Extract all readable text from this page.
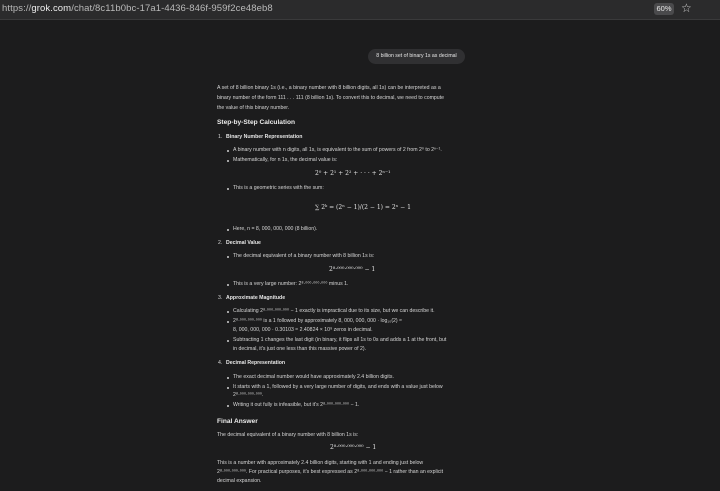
https://grok.com/chat/8c11b0bc-17a1-4436-846f-959f2ce48eb8	60% ☆
8 billion set of binary 1s as decimal
A set of 8 billion binary 1s (i.e., a binary number with 8 billion digits, all 1s) can be interpreted as a
binary number of the form 111 . . . 111 (8 billion 1s). To convert this to decimal, we need to compute
the value of this binary number.
Step-by-Step Calculation
1. Binary Number Representation
A binary number with n digits, all 1s, is equivalent to the sum of powers of 2 from 2⁰ to 2ⁿ⁻¹.
Mathematically, for n 1s, the decimal value is:
2⁰ + 2¹ + 2² + · · · + 2ⁿ⁻¹
This is a geometric series with the sum:
∑ 2ᵏ = (2ⁿ − 1)/(2 − 1) = 2ⁿ − 1
Here, n = 8, 000, 000, 000 (8 billion).
2. Decimal Value
The decimal equivalent of a binary number with 8 billion 1s is:
2⁸·⁰⁰⁰·⁰⁰⁰·⁰⁰⁰ − 1
This is a very large number: 2⁸·⁰⁰⁰·⁰⁰⁰·⁰⁰⁰ minus 1.
3. Approximate Magnitude
Calculating 2⁸·⁰⁰⁰·⁰⁰⁰·⁰⁰⁰ − 1 exactly is impractical due to its size, but we can describe it.
2⁸·⁰⁰⁰·⁰⁰⁰·⁰⁰⁰ is a 1 followed by approximately 8, 000, 000, 000 · log₁₀(2) ≈
8, 000, 000, 000 · 0.30103 ≈ 2.40824 × 10⁹ zeros in decimal.
Subtracting 1 changes the last digit (in binary, it flips all 1s to 0s and adds a 1 at the front, but
in decimal, it's just one less than this massive power of 2).
4. Decimal Representation
The exact decimal number would have approximately 2.4 billion digits.
It starts with a 1, followed by a very large number of digits, and ends with a value just below
2⁸·⁰⁰⁰·⁰⁰⁰·⁰⁰⁰.
Writing it out fully is infeasible, but it's 2⁸·⁰⁰⁰·⁰⁰⁰·⁰⁰⁰ − 1.
Final Answer
The decimal equivalent of a binary number with 8 billion 1s is:
2⁸·⁰⁰⁰·⁰⁰⁰·⁰⁰⁰ − 1
This is a number with approximately 2.4 billion digits, starting with 1 and ending just below
2⁸·⁰⁰⁰·⁰⁰⁰·⁰⁰⁰. For practical purposes, it's best expressed as 2⁸·⁰⁰⁰·⁰⁰⁰·⁰⁰⁰ − 1 rather than an explicit
decimal expansion.
